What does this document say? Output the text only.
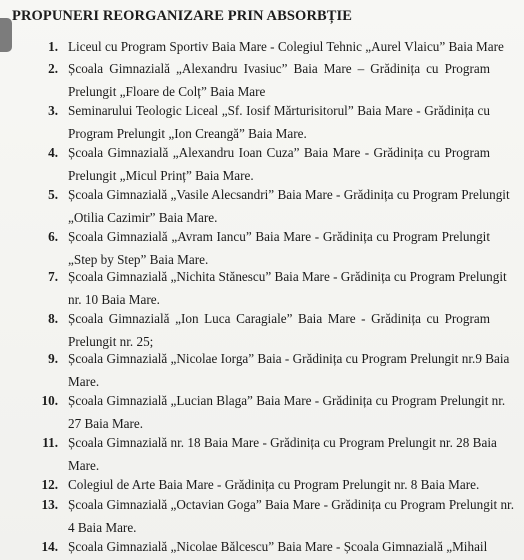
PROPUNERI REORGANIZARE PRIN ABSORBȚIE
1. Liceul cu Program Sportiv Baia Mare - Colegiul Tehnic „Aurel Vlaicu” Baia Mare
2. Școala Gimnazială „Alexandru Ivasiuc” Baia Mare – Grădinița cu Program
Prelungit „Floare de Colț” Baia Mare
3. Seminarului Teologic Liceal „Sf. Iosif Mărturisitorul” Baia Mare - Grădinița cu
Program Prelungit „Ion Creangă” Baia Mare.
4. Școala Gimnazială „Alexandru Ioan Cuza” Baia Mare - Grădinița cu Program
Prelungit „Micul Prinț” Baia Mare.
5. Școala Gimnazială „Vasile Alecsandri” Baia Mare - Grădinița cu Program Prelungit
„Otilia Cazimir” Baia Mare.
6. Școala Gimnazială „Avram Iancu” Baia Mare - Grădinița cu Program Prelungit
„Step by Step” Baia Mare.
7. Școala Gimnazială „Nichita Stănescu” Baia Mare - Grădinița cu Program Prelungit
nr. 10 Baia Mare.
8. Școala Gimnazială „Ion Luca Caragiale” Baia Mare - Grădinița cu Program
Prelungit nr. 25;
9. Școala Gimnazială „Nicolae Iorga” Baia - Grădinița cu Program Prelungit nr.9 Baia
Mare.
10. Școala Gimnazială „Lucian Blaga” Baia Mare - Grădinița cu Program Prelungit nr.
27 Baia Mare.
11. Școala Gimnazială nr. 18 Baia Mare - Grădinița cu Program Prelungit nr. 28 Baia
Mare.
12. Colegiul de Arte Baia Mare - Grădinița cu Program Prelungit nr. 8 Baia Mare.
13. Școala Gimnazială „Octavian Goga” Baia Mare - Grădinița cu Program Prelungit nr.
4 Baia Mare.
14. Școala Gimnazială „Nicolae Bălcescu” Baia Mare - Școala Gimnazială „Mihail
